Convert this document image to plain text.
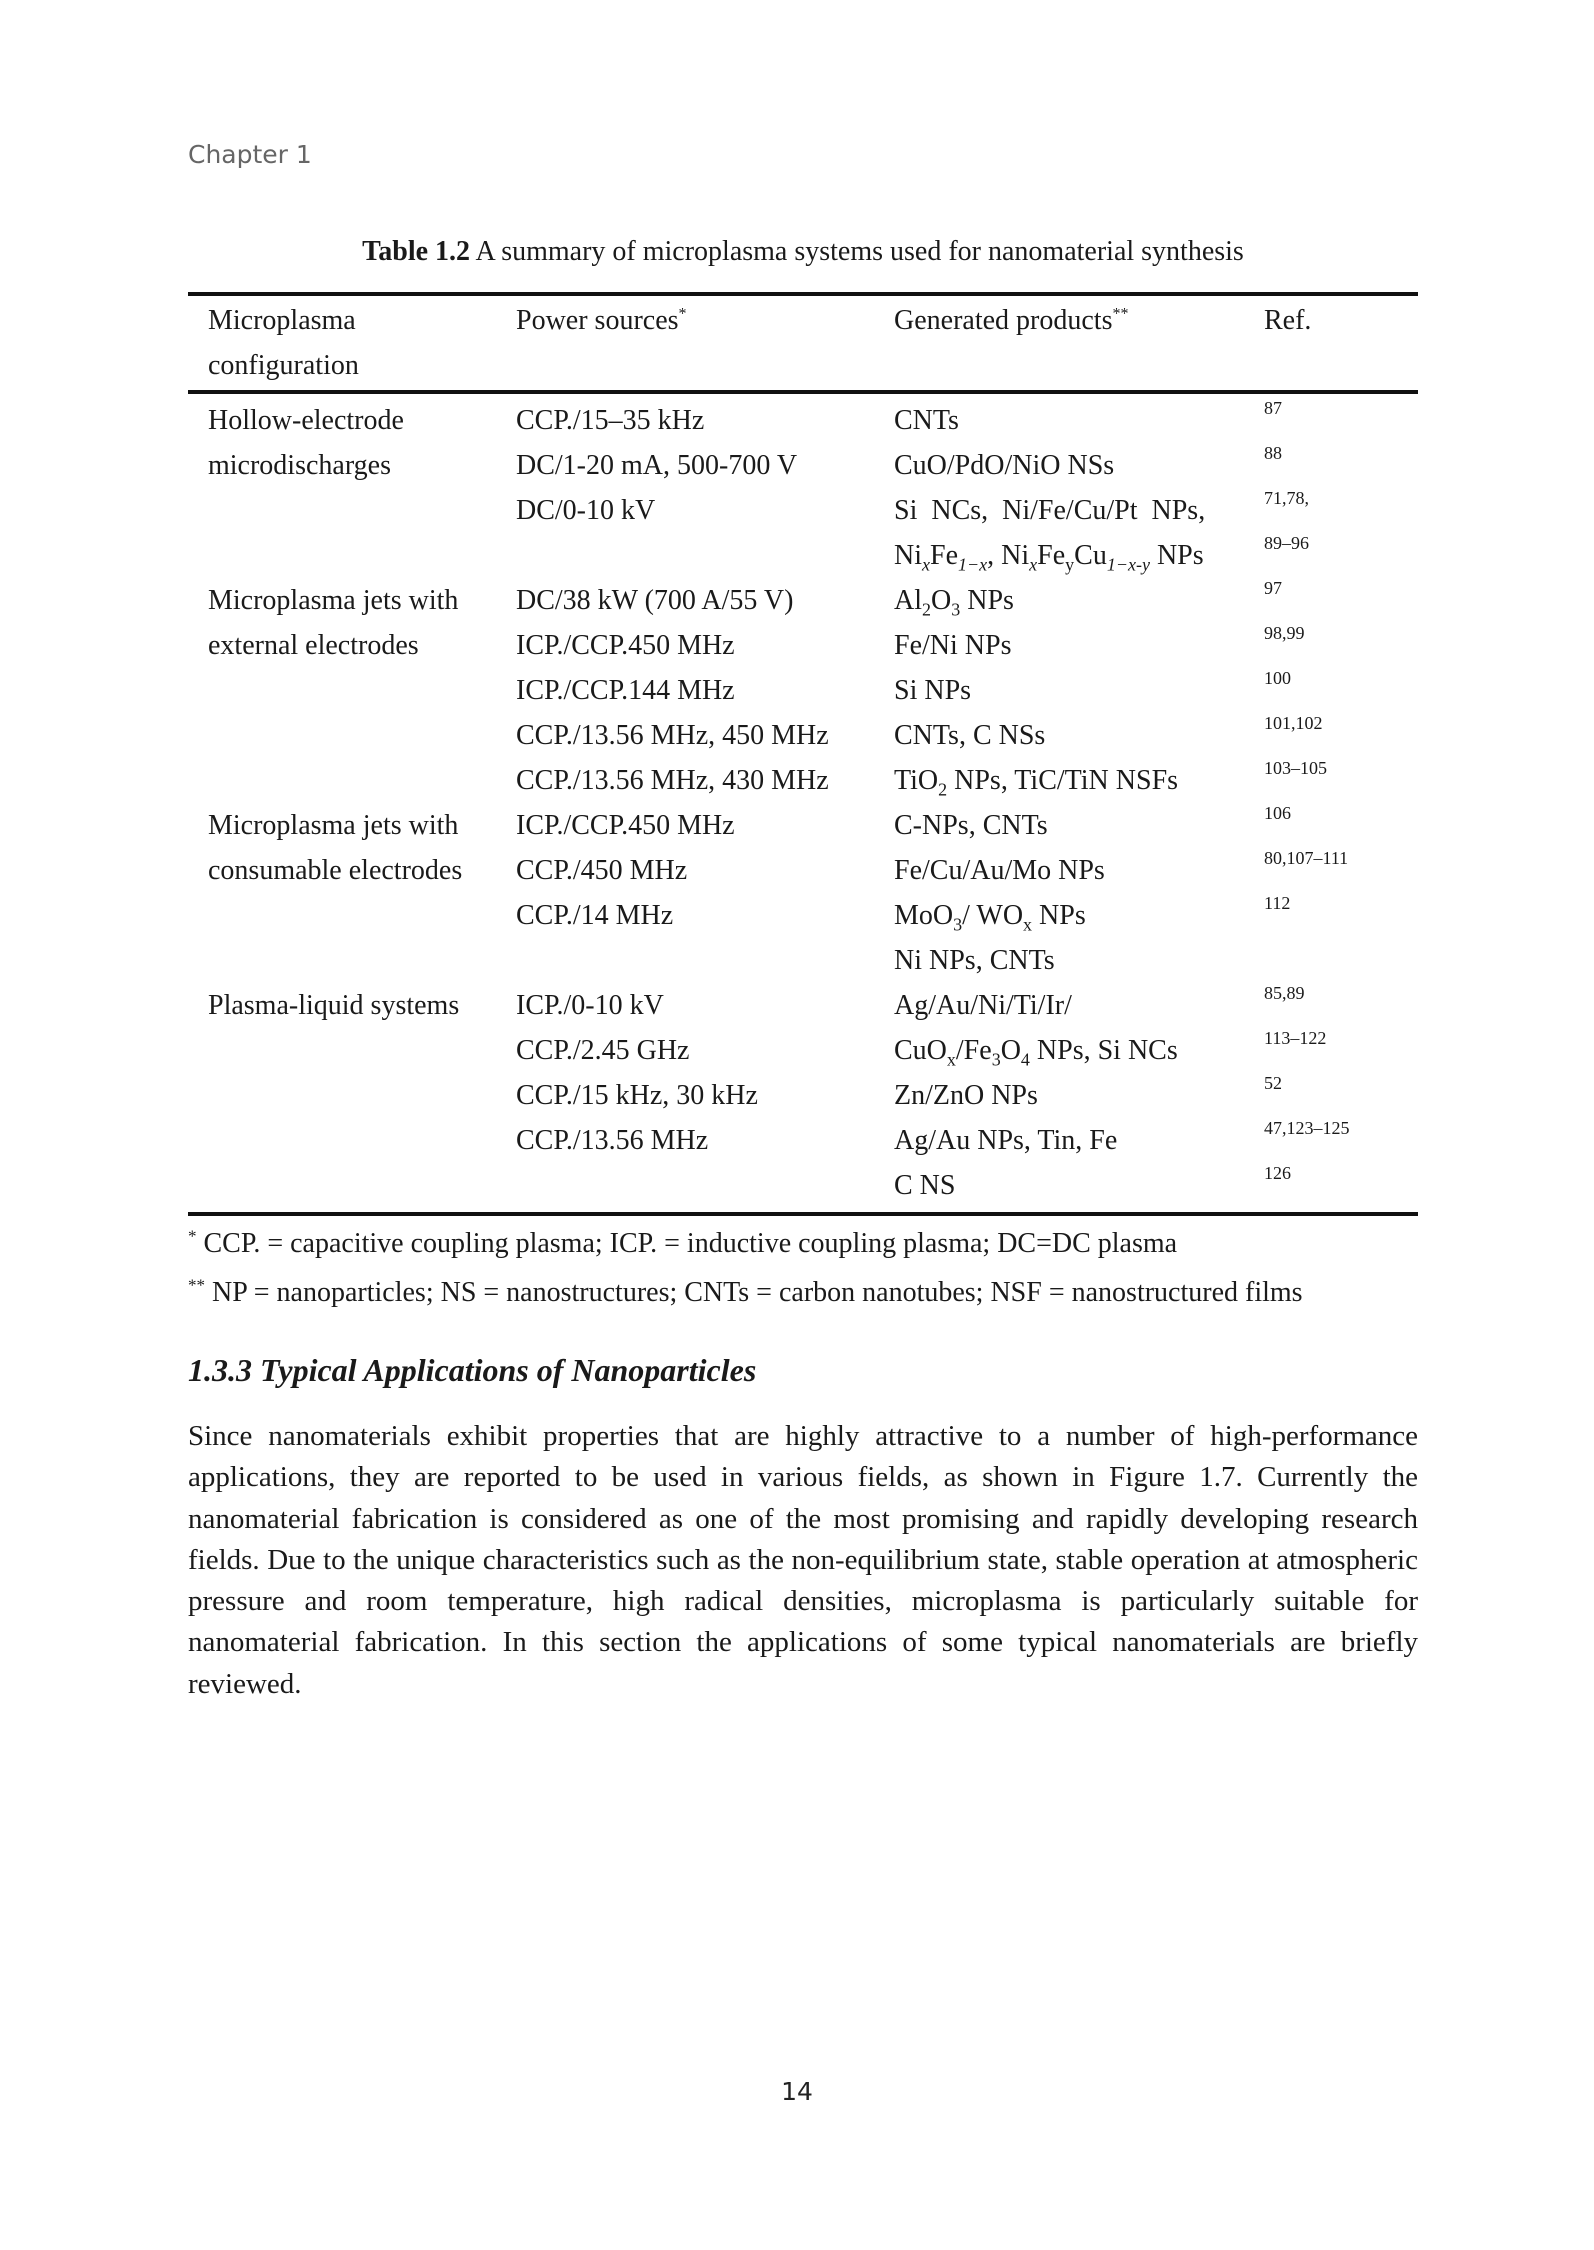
Chapter 1
Table 1.2 A summary of microplasma systems used for nanomaterial synthesis
Microplasma
configuration	Power sources*	Generated products**	Ref.
Hollow-electrode	CCP./15–35 kHz	CNTs	87
microdischarges	DC/1-20 mA, 500-700 V	CuO/PdO/NiO NSs	88
	DC/0-10 kV	Si  NCs,  Ni/Fe/Cu/Pt  NPs,	71,78,
		$Ni_xFe_{1-x}$, $Ni_xFe_yCu_{1-x-y}$ NPs	89–96
Microplasma jets with	DC/38 kW (700 A/55 V)	$Al_2O_3$ NPs	97
external electrodes	ICP./CCP.450 MHz	Fe/Ni NPs	98,99
	ICP./CCP.144 MHz	Si NPs	100
	CCP./13.56 MHz, 450 MHz	CNTs, C NSs	101,102
	CCP./13.56 MHz, 430 MHz	TiO$_2$ NPs, TiC/TiN NSFs	103–105
Microplasma jets with	ICP./CCP.450 MHz	C-NPs, CNTs	106
consumable electrodes	CCP./450 MHz	Fe/Cu/Au/Mo NPs	80,107–111
	CCP./14 MHz	MoO$_3$/ $WO_x$ NPs	112
		Ni NPs, CNTs	
Plasma-liquid systems	ICP./0-10 kV	Ag/Au/Ni/Ti/Ir/	85,89
	CCP./2.45 GHz	$CuO_x/Fe_3O_4$ NPs, Si NCs	113–122
	CCP./15 kHz, 30 kHz	Zn/ZnO NPs	52
	CCP./13.56 MHz	Ag/Au NPs, Tin, Fe	47,123–125
		C NS	126
* CCP. = capacitive coupling plasma; ICP. = inductive coupling plasma; DC=DC plasma
** NP = nanoparticles; NS = nanostructures; CNTs = carbon nanotubes; NSF = nanostructured films
1.3.3 Typical Applications of Nanoparticles

Since nanomaterials exhibit properties that are highly attractive to a number of high-performance applications, they are reported to be used in various fields, as shown in Figure 1.7. Currently the nanomaterial fabrication is considered as one of the most promising and rapidly developing research fields. Due to the unique characteristics such as the non-equilibrium state, stable operation at atmospheric pressure and room temperature, high radical densities, microplasma is particularly suitable for nanomaterial fabrication. In this section the applications of some typical nanomaterials are briefly reviewed.

14
